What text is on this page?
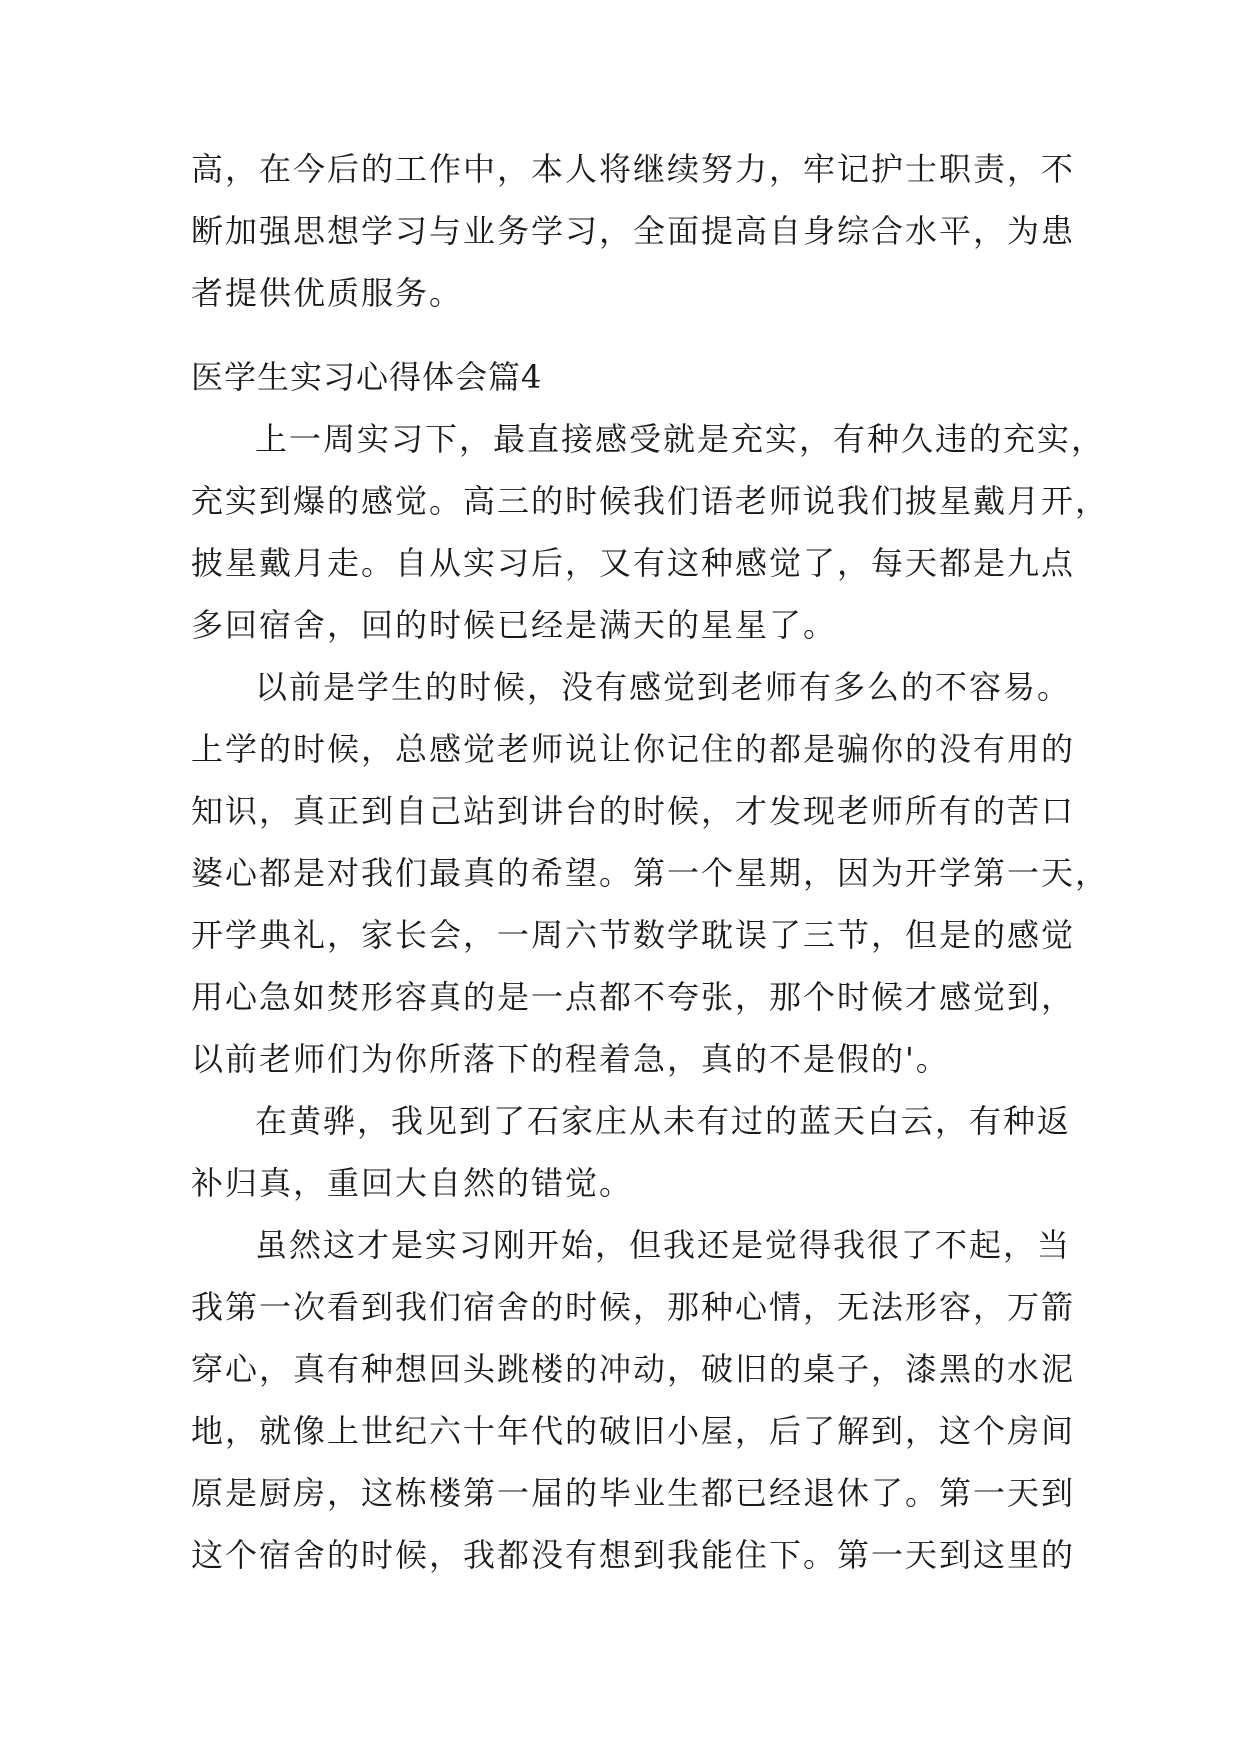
高，在今后的工作中，本人将继续努力，牢记护士职责，不
断加强思想学习与业务学习，全面提高自身综合水平，为患
者提供优质服务。
医学生实习心得体会篇4
上一周实习下，最直接感受就是充实，有种久违的充实，
充实到爆的感觉。高三的时候我们语老师说我们披星戴月开，
披星戴月走。自从实习后，又有这种感觉了，每天都是九点
多回宿舍，回的时候已经是满天的星星了。
以前是学生的时候，没有感觉到老师有多么的不容易。
上学的时候，总感觉老师说让你记住的都是骗你的没有用的
知识，真正到自己站到讲台的时候，才发现老师所有的苦口
婆心都是对我们最真的希望。第一个星期，因为开学第一天，
开学典礼，家长会，一周六节数学耽误了三节，但是的感觉
用心急如焚形容真的是一点都不夸张，那个时候才感觉到，
以前老师们为你所落下的程着急，真的不是假的'。
在黄骅，我见到了石家庄从未有过的蓝天白云，有种返
补归真，重回大自然的错觉。
虽然这才是实习刚开始，但我还是觉得我很了不起，当
我第一次看到我们宿舍的时候，那种心情，无法形容，万箭
穿心，真有种想回头跳楼的冲动，破旧的桌子，漆黑的水泥
地，就像上世纪六十年代的破旧小屋，后了解到，这个房间
原是厨房，这栋楼第一届的毕业生都已经退休了。第一天到
这个宿舍的时候，我都没有想到我能住下。第一天到这里的
